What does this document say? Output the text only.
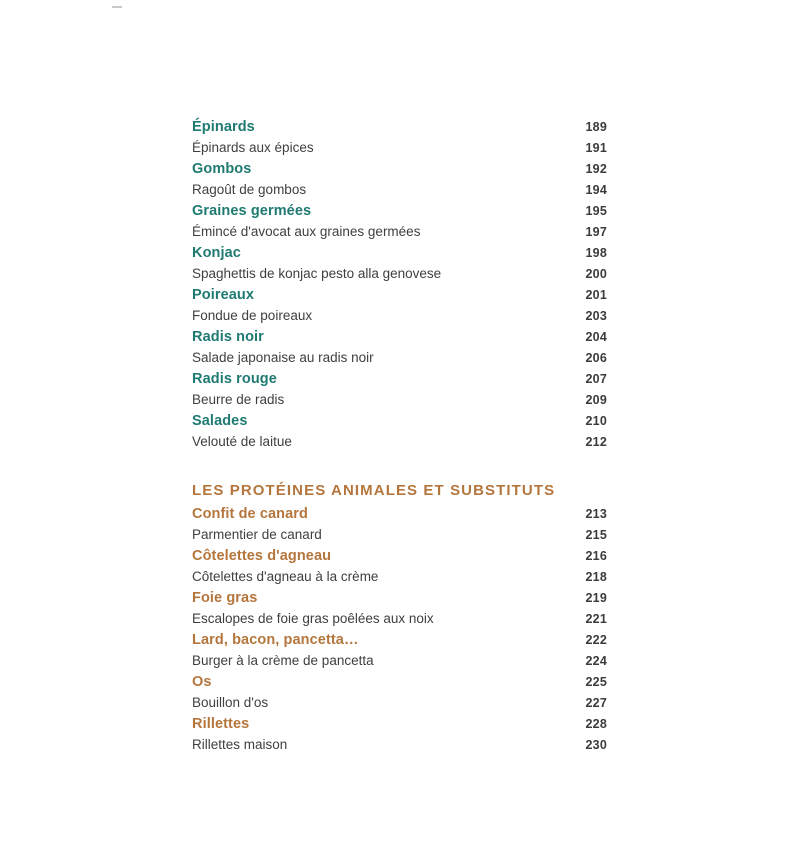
Épinards	189
Épinards aux épices	191
Gombos	192
Ragoût de gombos	194
Graines germées	195
Émincé d'avocat aux graines germées	197
Konjac	198
Spaghettis de konjac pesto alla genovese	200
Poireaux	201
Fondue de poireaux	203
Radis noir	204
Salade japonaise au radis noir	206
Radis rouge	207
Beurre de radis	209
Salades	210
Velouté de laitue	212
LES PROTÉINES ANIMALES ET SUBSTITUTS
Confit de canard	213
Parmentier de canard	215
Côtelettes d'agneau	216
Côtelettes d'agneau à la crème	218
Foie gras	219
Escalopes de foie gras poêlées aux noix	221
Lard, bacon, pancetta…	222
Burger à la crème de pancetta	224
Os	225
Bouillon d'os	227
Rillettes	228
Rillettes maison	230
